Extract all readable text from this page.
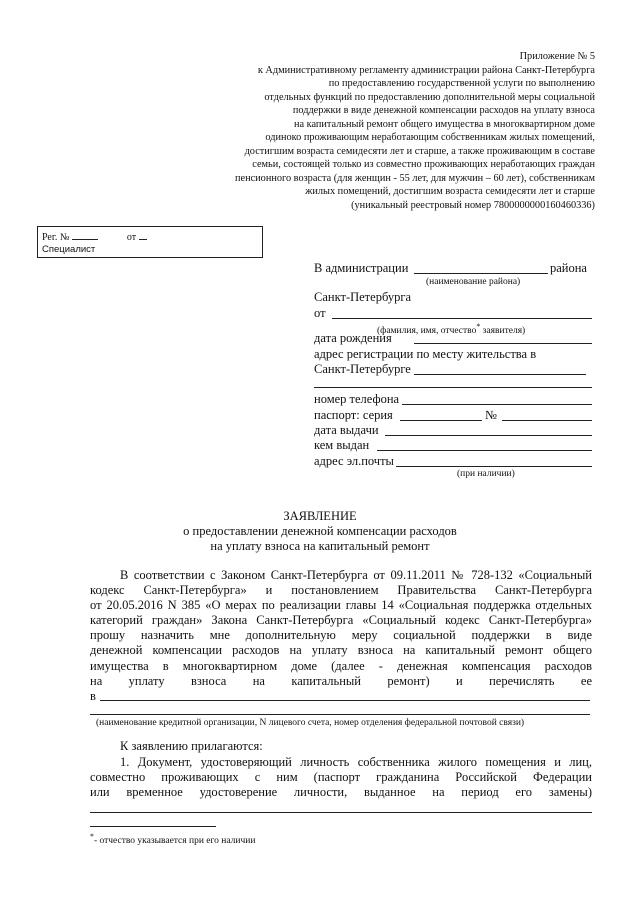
Приложение № 5
к Административному регламенту администрации района Санкт-Петербурга
по предоставлению государственной услуги по выполнению
отдельных функций по предоставлению дополнительной меры социальной
поддержки в виде денежной компенсации расходов на уплату взноса
на капитальный ремонт общего имущества в многоквартирном доме
одиноко проживающим неработающим собственникам жилых помещений,
достигшим возраста семидесяти лет и старше, а также проживающим в составе
семьи, состоящей только из совместно проживающих неработающих граждан
пенсионного возраста (для женщин - 55 лет, для мужчин – 60 лет), собственникам
жилых помещений, достигшим возраста семидесяти лет и старше
(уникальный реестровый номер 7800000000160460336)
Рег. №	от
Специалист
В администрации	района
(наименование района)
Санкт-Петербурга
от
(фамилия, имя, отчество* заявителя)
дата рождения
адрес регистрации по месту жительства в
Санкт-Петербурге
номер телефона
паспорт: серия	№
дата выдачи
кем выдан
адрес эл.почты
(при наличии)
ЗАЯВЛЕНИЕ
о предоставлении денежной компенсации расходов
на уплату взноса на капитальный ремонт
В соответствии с Законом Санкт-Петербурга от 09.11.2011 № 728-132 «Социальный
кодекс Санкт-Петербурга» и постановлением Правительства Санкт-Петербурга
от 20.05.2016 N 385 «О мерах по реализации главы 14 «Социальная поддержка отдельных
категорий граждан» Закона Санкт-Петербурга «Социальный кодекс Санкт-Петербурга»
прошу назначить мне дополнительную меру социальной поддержки в виде
денежной компенсации расходов на уплату взноса на капитальный ремонт общего
имущества в многоквартирном доме (далее - денежная компенсация расходов
на уплату взноса на капитальный ремонт) и перечислять ее
в
(наименование кредитной организации, N лицевого счета, номер отделения федеральной почтовой связи)
К заявлению прилагаются:
1. Документ, удостоверяющий личность собственника жилого помещения и лиц,
совместно проживающих с ним (паспорт гражданина Российской Федерации
или временное удостоверение личности, выданное на период его замены)
*- отчество указывается при его наличии
